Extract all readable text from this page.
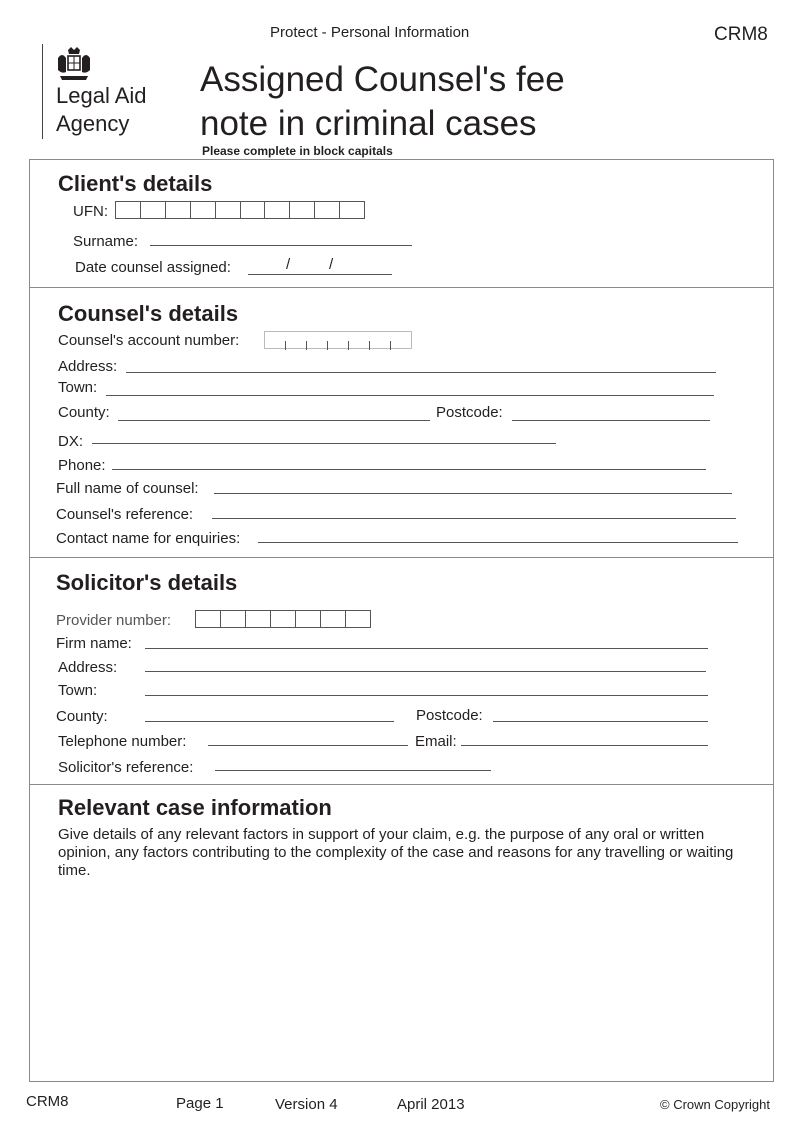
Protect - Personal Information	CRM8
Legal Aid
Agency
Assigned Counsel's fee
note in criminal cases
Please complete in block capitals
Client's details
UFN:
Surname:
Date counsel assigned:	/	/
Counsel's details
Counsel's account number:
Address:
Town:
County:	Postcode:
DX:
Phone:
Full name of counsel:
Counsel's reference:
Contact name for enquiries:
Solicitor's details
Provider number:
Firm name:
Address:
Town:
County:	Postcode:
Telephone number:	Email:
Solicitor's reference:
Relevant case information
Give details of any relevant factors in support of your claim, e.g. the purpose of any oral or written opinion, any factors contributing to the complexity of the case and reasons for any travelling or waiting time.
CRM8	Page 1	Version 4	April 2013	© Crown Copyright
